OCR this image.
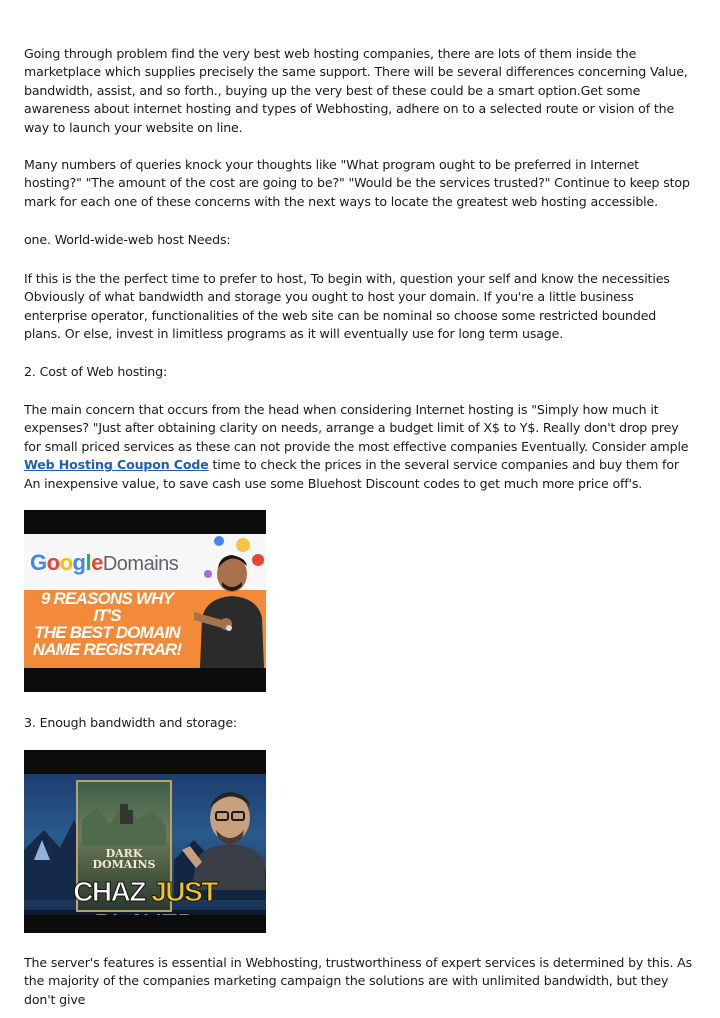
Going through problem find the very best web hosting companies, there are lots of them inside the marketplace which supplies precisely the same support. There will be several differences concerning Value, bandwidth, assist, and so forth., buying up the very best of these could be a smart option.Get some awareness about internet hosting and types of Webhosting, adhere on to a selected route or vision of the way to launch your website on line.

Many numbers of queries knock your thoughts like "What program ought to be preferred in Internet hosting?" "The amount of the cost are going to be?" "Would be the services trusted?" Continue to keep stop mark for each one of these concerns with the next ways to locate the greatest web hosting accessible.

one. World-wide-web host Needs:

If this is the the perfect time to prefer to host, To begin with, question your self and know the necessities Obviously of what bandwidth and storage you ought to host your domain. If you're a little business enterprise operator, functionalities of the web site can be nominal so choose some restricted bounded plans. Or else, invest in limitless programs as it will eventually use for long term usage.

2. Cost of Web hosting:

The main concern that occurs from the head when considering Internet hosting is "Simply how much it expenses? "Just after obtaining clarity on needs, arrange a budget limit of X$ to Y$. Really don't drop prey for small priced services as these can not provide the most effective companies Eventually. Consider ample Web Hosting Coupon Code time to check the prices in the several service companies and buy them for An inexpensive value, to save cash use some Bluehost Discount codes to get much more price off's.

GoogleDomains
9 REASONS WHY IT'S
THE BEST DOMAIN
NAME REGISTRAR!

3. Enough bandwidth and storage:

DARK
DOMAINS
CHAZ JUST

The server's features is essential in Webhosting, trustworthiness of expert services is determined by this. As the majority of the companies marketing campaign the solutions are with unlimited bandwidth, but they don't give
